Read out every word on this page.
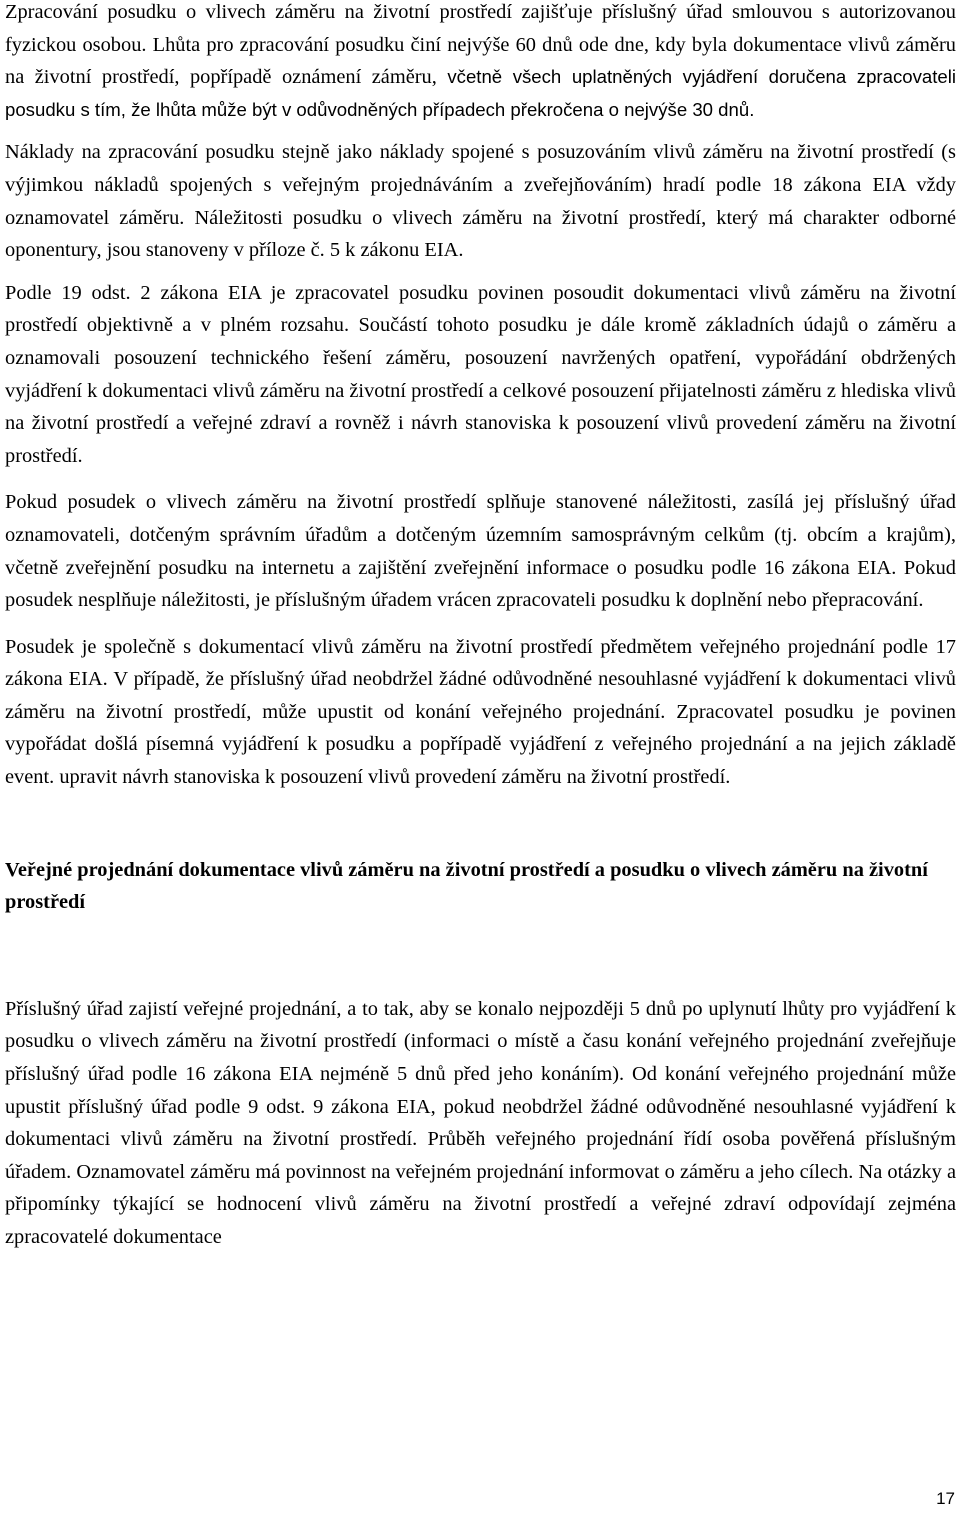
Zpracování posudku o vlivech záměru na životní prostředí zajišťuje příslušný úřad smlouvou s autorizovanou fyzickou osobou. Lhůta pro zpracování posudku činí nejvýše 60 dnů ode dne, kdy byla dokumentace vlivů záměru na životní prostředí, popřípadě oznámení záměru, včetně všech uplatněných vyjádření doručena zpracovateli posudku s tím, že lhůta může být v odůvodněných případech překročena o nejvýše 30 dnů.

Náklady na zpracování posudku stejně jako náklady spojené s posuzováním vlivů záměru na životní prostředí (s výjimkou nákladů spojených s veřejným projednáváním a zveřejňováním) hradí podle 18 zákona EIA vždy oznamovatel záměru. Náležitosti posudku o vlivech záměru na životní prostředí, který má charakter odborné oponentury, jsou stanoveny v příloze č. 5 k zákonu EIA.

Podle 19 odst. 2 zákona EIA je zpracovatel posudku povinen posoudit dokumentaci vlivů záměru na životní prostředí objektivně a v plném rozsahu. Součástí tohoto posudku je dále kromě základních údajů o záměru a oznamovali posouzení technického řešení záměru, posouzení navržených opatření, vypořádání obdržených vyjádření k dokumentaci vlivů záměru na životní prostředí a celkové posouzení přijatelnosti záměru z hlediska vlivů na životní prostředí a veřejné zdraví a rovněž i návrh stanoviska k posouzení vlivů provedení záměru na životní prostředí.

Pokud posudek o vlivech záměru na životní prostředí splňuje stanovené náležitosti, zasílá jej příslušný úřad oznamovateli, dotčeným správním úřadům a dotčeným územním samosprávným celkům (tj. obcím a krajům), včetně zveřejnění posudku na internetu a zajištění zveřejnění informace o posudku podle 16 zákona EIA. Pokud posudek nesplňuje náležitosti, je příslušným úřadem vrácen zpracovateli posudku k doplnění nebo přepracování.

Posudek je společně s dokumentací vlivů záměru na životní prostředí předmětem veřejného projednání podle 17 zákona EIA. V případě, že příslušný úřad neobdržel žádné odůvodněné nesouhlasné vyjádření k dokumentaci vlivů záměru na životní prostředí, může upustit od konání veřejného projednání. Zpracovatel posudku je povinen vypořádat došlá písemná vyjádření k posudku a popřípadě vyjádření z veřejného projednání a na jejich základě event. upravit návrh stanoviska k posouzení vlivů provedení záměru na životní prostředí.

Veřejné projednání dokumentace vlivů záměru na životní prostředí a posudku o vlivech záměru na životní prostředí

Příslušný úřad zajistí veřejné projednání, a to tak, aby se konalo nejpozději 5 dnů po uplynutí lhůty pro vyjádření k posudku o vlivech záměru na životní prostředí (informaci o místě a času konání veřejného projednání zveřejňuje příslušný úřad podle 16 zákona EIA nejméně 5 dnů před jeho konáním). Od konání veřejného projednání může upustit příslušný úřad podle 9 odst. 9 zákona EIA, pokud neobdržel žádné odůvodněné nesouhlasné vyjádření k dokumentaci vlivů záměru na životní prostředí. Průběh veřejného projednání řídí osoba pověřená příslušným úřadem. Oznamovatel záměru má povinnost na veřejném projednání informovat o záměru a jeho cílech. Na otázky a připomínky týkající se hodnocení vlivů záměru na životní prostředí a veřejné zdraví odpovídají zejména zpracovatelé dokumentace

17
